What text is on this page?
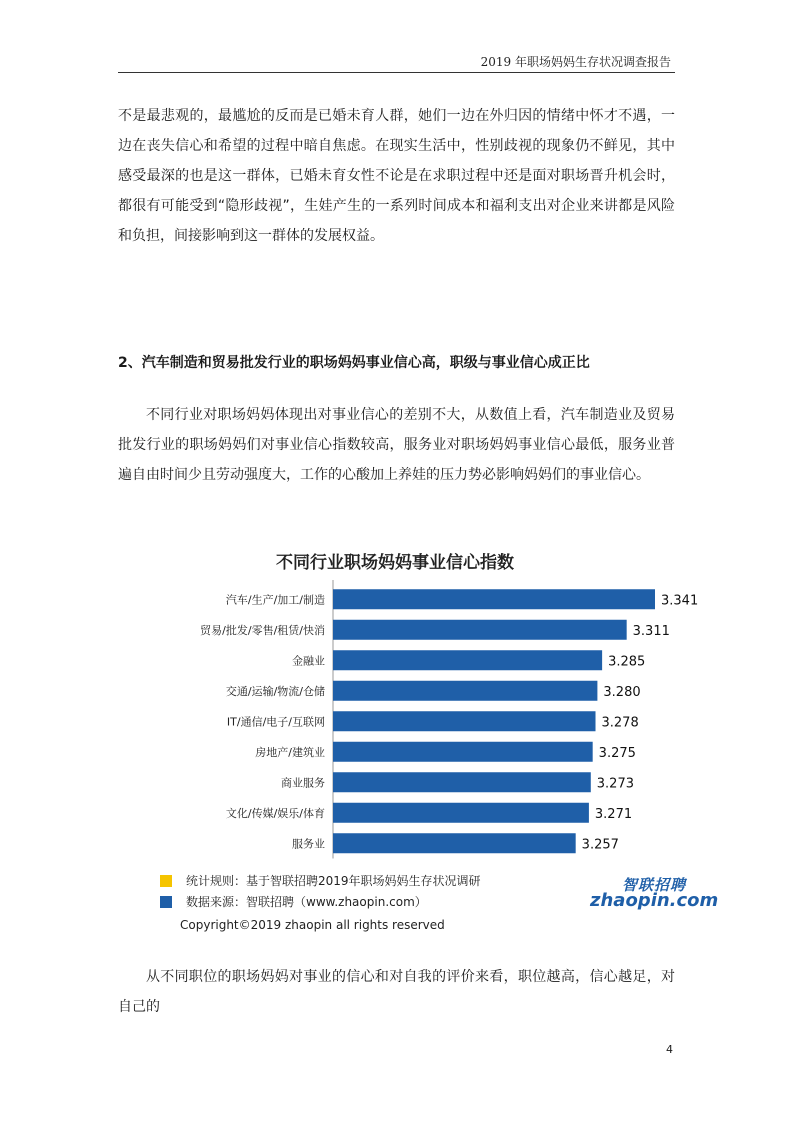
2019 年职场妈妈生存状况调查报告

不是最悲观的，最尴尬的反而是已婚未育人群，她们一边在外归因的情绪中怀才不遇，一边在丧失信心和希望的过程中暗自焦虑。在现实生活中，性别歧视的现象仍不鲜见，其中感受最深的也是这一群体，已婚未育女性不论是在求职过程中还是面对职场晋升机会时，都很有可能受到“隐形歧视”，生娃产生的一系列时间成本和福利支出对企业来讲都是风险和负担，间接影响到这一群体的发展权益。

2、汽车制造和贸易批发行业的职场妈妈事业信心高，职级与事业信心成正比

不同行业对职场妈妈体现出对事业信心的差别不大，从数值上看，汽车制造业及贸易批发行业的职场妈妈们对事业信心指数较高，服务业对职场妈妈事业信心最低，服务业普遍自由时间少且劳动强度大，工作的心酸加上养娃的压力势必影响妈妈们的事业信心。

不同行业职场妈妈事业信心指数
汽车/生产/加工/制造	3.341
贸易/批发/零售/租赁/快消	3.311
金融业	3.285
交通/运输/物流/仓储	3.280
IT/通信/电子/互联网	3.278
房地产/建筑业	3.275
商业服务	3.273
文化/传媒/娱乐/体育	3.271
服务业	3.257
统计规则：基于智联招聘2019年职场妈妈生存状况调研
数据来源：智联招聘（www.zhaopin.com）
Copyright©2019 zhaopin all rights reserved
智联招聘
zhaopin.com

从不同职位的职场妈妈对事业的信心和对自我的评价来看，职位越高，信心越足，对自己的

4
